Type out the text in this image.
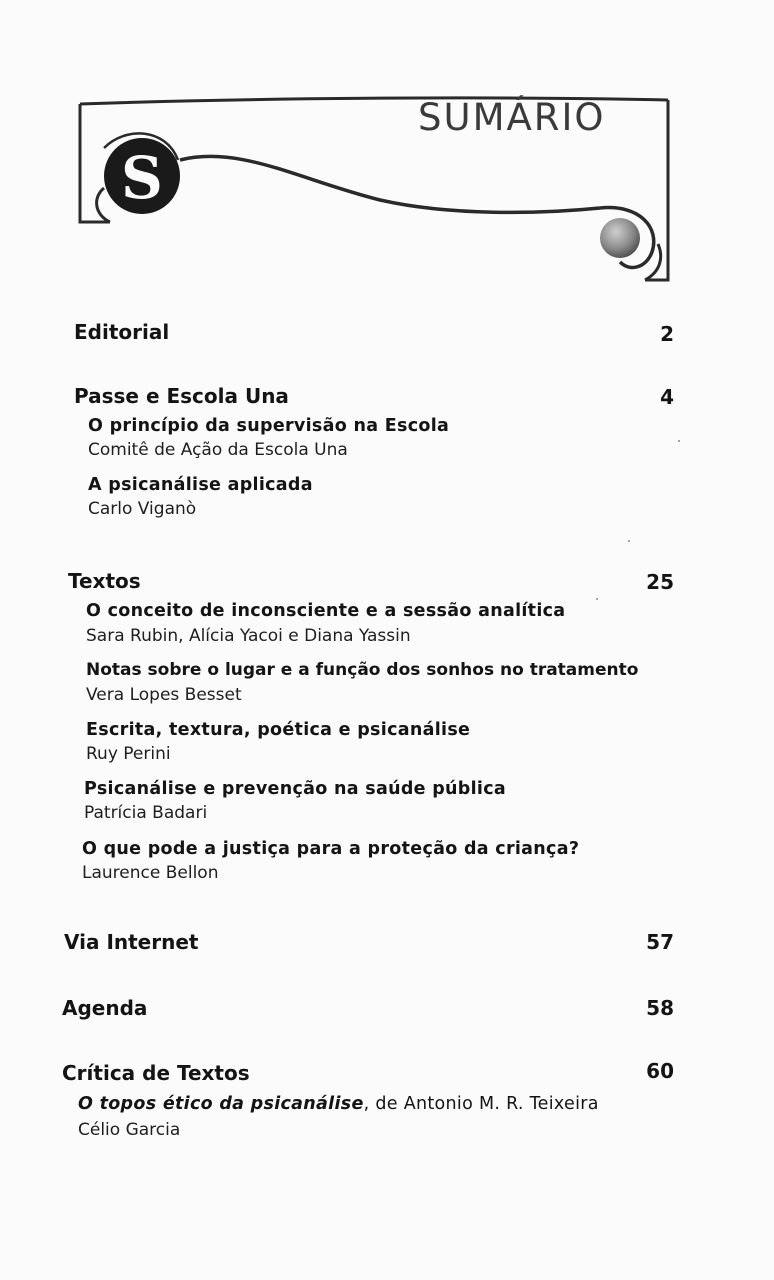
S
SUMÁRIO
Editorial	2
Passe e Escola Una	4
O princípio da supervisão na Escola
Comitê de Ação da Escola Una
A psicanálise aplicada
Carlo Viganò
Textos	25
O conceito de inconsciente e a sessão analítica
Sara Rubin, Alícia Yacoi e Diana Yassin
Notas sobre o lugar e a função dos sonhos no tratamento
Vera Lopes Besset
Escrita, textura, poética e psicanálise
Ruy Perini
Psicanálise e prevenção na saúde pública
Patrícia Badari
O que pode a justiça para a proteção da criança?
Laurence Bellon
Via Internet	57
Agenda	58
Crítica de Textos	60
O topos ético da psicanálise, de Antonio M. R. Teixeira
Célio Garcia
